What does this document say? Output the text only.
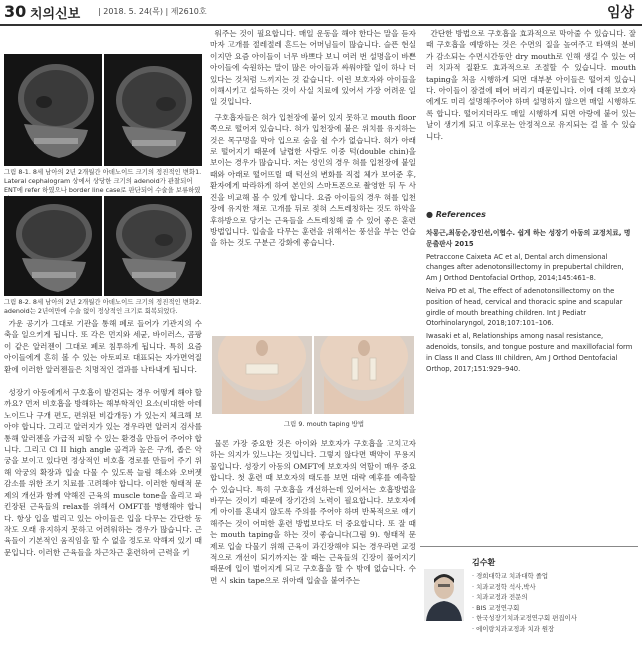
30 치의신보 | 2018. 5. 24(목) | 제2610호	임상
그림 8-1. 8세 남아의 2년 2개월간 아데노이드 크기의 정진적인 변화1. Lateral cephalogram 상에서 상당한 크기의 adenoid가 관찰되어 ENT에 refer 하였으나 border line case로 판단되어 수술을 보류하였
그림 8-2. 8세 남아의 2년 2개월간 아데노이드 크기의 정진적인 변화2. adenoid는 2년여만에 수술 없이 정상적인 크기로 회복되었다.

가운 공기가 그대로 기관을 통해 폐로 들어가 기관지의 수축을 일으키게 됩니다. 또 각은 먼지와 세균, 바이러스, 곰팡이 같은 알러젠이 그대로 폐로 침투하게 됩니다. 특히 요즘 아이들에게 흔히 볼 수 있는 아토피로 대표되는 자가면역질환에 이러한 알러젠들은 치명적인 결과를 나타내게 됩니다.

성장기 아동에게서 구호흡이 발견되는 경우 어떻게 해야 할까요? 먼저 비호흡을 방해하는 해부학적인 요소(비대한 아데노이드나 구개 편도, 편위된 비갑개등) 가 있는지 체크해 보아야 합니다. 그리고 알러지가 있는 경우라면 알러지 검사를 통해 알러젠을 가급적 피할 수 있는 환경을 만들어 주어야 합니다. 그리고 Cl II high angle 골격과 높은 구개, 좁은 악궁을 보이고 있다면 정상적인 비호흡 경로를 만들어 주기 위해 악궁의 확장과 입술 다물 수 있도록 늘림 해소와 오버젯 감소를 위한 조기 치료를 고려해야 합니다. 이러한 형태적 문제의 개선과 함께 약해진 근육의 muscle tone을 올리고 파킨장된 근육들의 relax를 위해서 OMFT를 병행해야 합니다. 항상 입을 벌리고 있는 아이들은 입을 다무는 간단한 동작도 오래 유지하지 못하고 어려워하는 경우가 많습니다. 근육들이 기본적인 움직임을 할 수 없을 정도로 약해져 있기 때문입니다. 이러한 근육들을 차근차근 훈련하여 근력을 키

워주는 것이 필요합니다. 매일 운동을 해야 한다는 말을 듣자마자 고개를 절레절레 흔드는 어머님들이 많습니다. 슬픈 현실이지만 요즘 아이들이 너무 바쁘다 보니 여러 번 설명을이 바쁜 아이들에 숙원하는 말이 많은 아이들과 싸워야할 일이 하나 더 있다는 것처럼 느끼지는 것 같습니다. 이런 보호자와 아이들을 이해시키고 설득하는 것이 사실 치료에 있어서 가장 어려운 일일 것입니다.

구호흡자들은 혀가 입천장에 붙어 있지 못하고 mouth floor 쪽으로 떨어져 있습니다. 혀가 입천장에 붙은 위치를 유지하는 것은 목구멍을 막아 입으로 숨을 쉴 수가 없습니다. 혀가 아래로 떨어지기 때문에 날렵한 사람도 이중 턱(double chin)을 보이는 경우가 많습니다. 저는 성인의 경우 혀를 입천장에 붙일 때와 아래로 떨어뜨릴 때 턱선의 변화를 직접 체가 보여준 후, 환자에게 따라하게 하여 본인의 스마트폰으로 촬영한 뒤 두 사진을 비교해 볼 수 있게 합니다. 요즘 아이들의 경우 혀를 입천장에 유지한 채로 고개를 뒤로 젖혀 스트레칭하는 것도 하악을 후하방으로 당기는 근육들을 스트레칭해 줄 수 있어 좋은 훈련 방법입니다. 입술을 다무는 훈련을 위해서는 풍선을 부는 연습을 하는 것도 구분근 강화에 좋습니다.

그림 9. mouth taping 방법

물론 가장 중요한 것은 아이와 보호자가 구호흡을 고치고자 하는 의지가 있느냐는 것입니다. 그렇지 않다면 백약이 무용지물입니다. 성장기 아동의 OMFT에 보호자의 역할이 매우 중요합니다. 첫 훈련 때 보호자의 태도를 보면 대략 예후를 예측할 수 있습니다. 특히 구호흡을 개선하는데 있어서는 호흡방법을 바꾸는 것이기 때문에 장기간의 노력이 필요합니다. 보호자에게 아이를 혼내지 않도록 주의를 주어야 하며 반복적으로 얘기해주는 것이 어떠한 훈련 방법보다도 더 중요합니다. 또 잘 때는 mouth taping을 하는 것이 좋습니다(그림 9). 형태적 문제로 입술 다물기 위해 근육이 과긴장해야 되는 경우라면 교정적으로 개선이 되기까지는 잘 때는 근육들의 긴장이 풀어지기 때문에 입이 벌어지게 되고 구호흡을 할 수 밖에 없습니다. 수면 시 skin tape으로 위아래 입술을 붙여주는

간단한 방법으로 구호흡을 효과적으로 막아줄 수 있습니다. 잘 때 구호흡을 예방하는 것은 수면의 질을 높여주고 타액의 분비가 감소되는 수면시간동안 dry mouth로 인해 생길 수 있는 여러 치과적 질환도 효과적으로 조절할 수 있습니다. mouth taping을 처음 시행하게 되면 대부분 아이들은 떨어져 있습니다. 아이들이 잠결에 떼어 버리기 때문입니다. 이에 대해 보호자에게도 미리 설명해주어야 하며 설명하지 않으면 매일 시행하도록 합니다. 떨어지더라도 매일 시행하게 되면 아랑에 붙어 있는 날이 생기게 되고 이후로는 안정적으로 유지되는 걸 볼 수 있습니다.

● References

차롱근,최동순,장인선,이협수. 쉽게 하는 성장기 아동의 교정치료, 명문출판사 2015

Petraccone Caixeta AC et al, Dental arch dimensional changes after adenotonsillectomy in prepubertal children, Am J Orthod Dentofacial Orthop, 2014;145:461–8.

Neiva PD et al, The effect of adenotonsillectomy on the position of head, cervical and thoracic spine and scapular girdle of mouth breathing children. Int J Pediatr Otorhinolaryngol, 2018;107:101–106.

Iwasaki et al, Relationships among nasal resistance, adenoids, tonsils, and tongue posture and maxillofacial form in Class II and Class III children, Am J Orthod Dentofacial Orthop, 2017;151:929–940.

김수환
· 경희대학교 치과대학 졸업
· 치과교정학 석사,박사
· 치과교정과 전문의
· BIS 교정연구회
· 한국성장기치과교정연구회 편집이사
· 에이랑치과교정과 치과 원장
